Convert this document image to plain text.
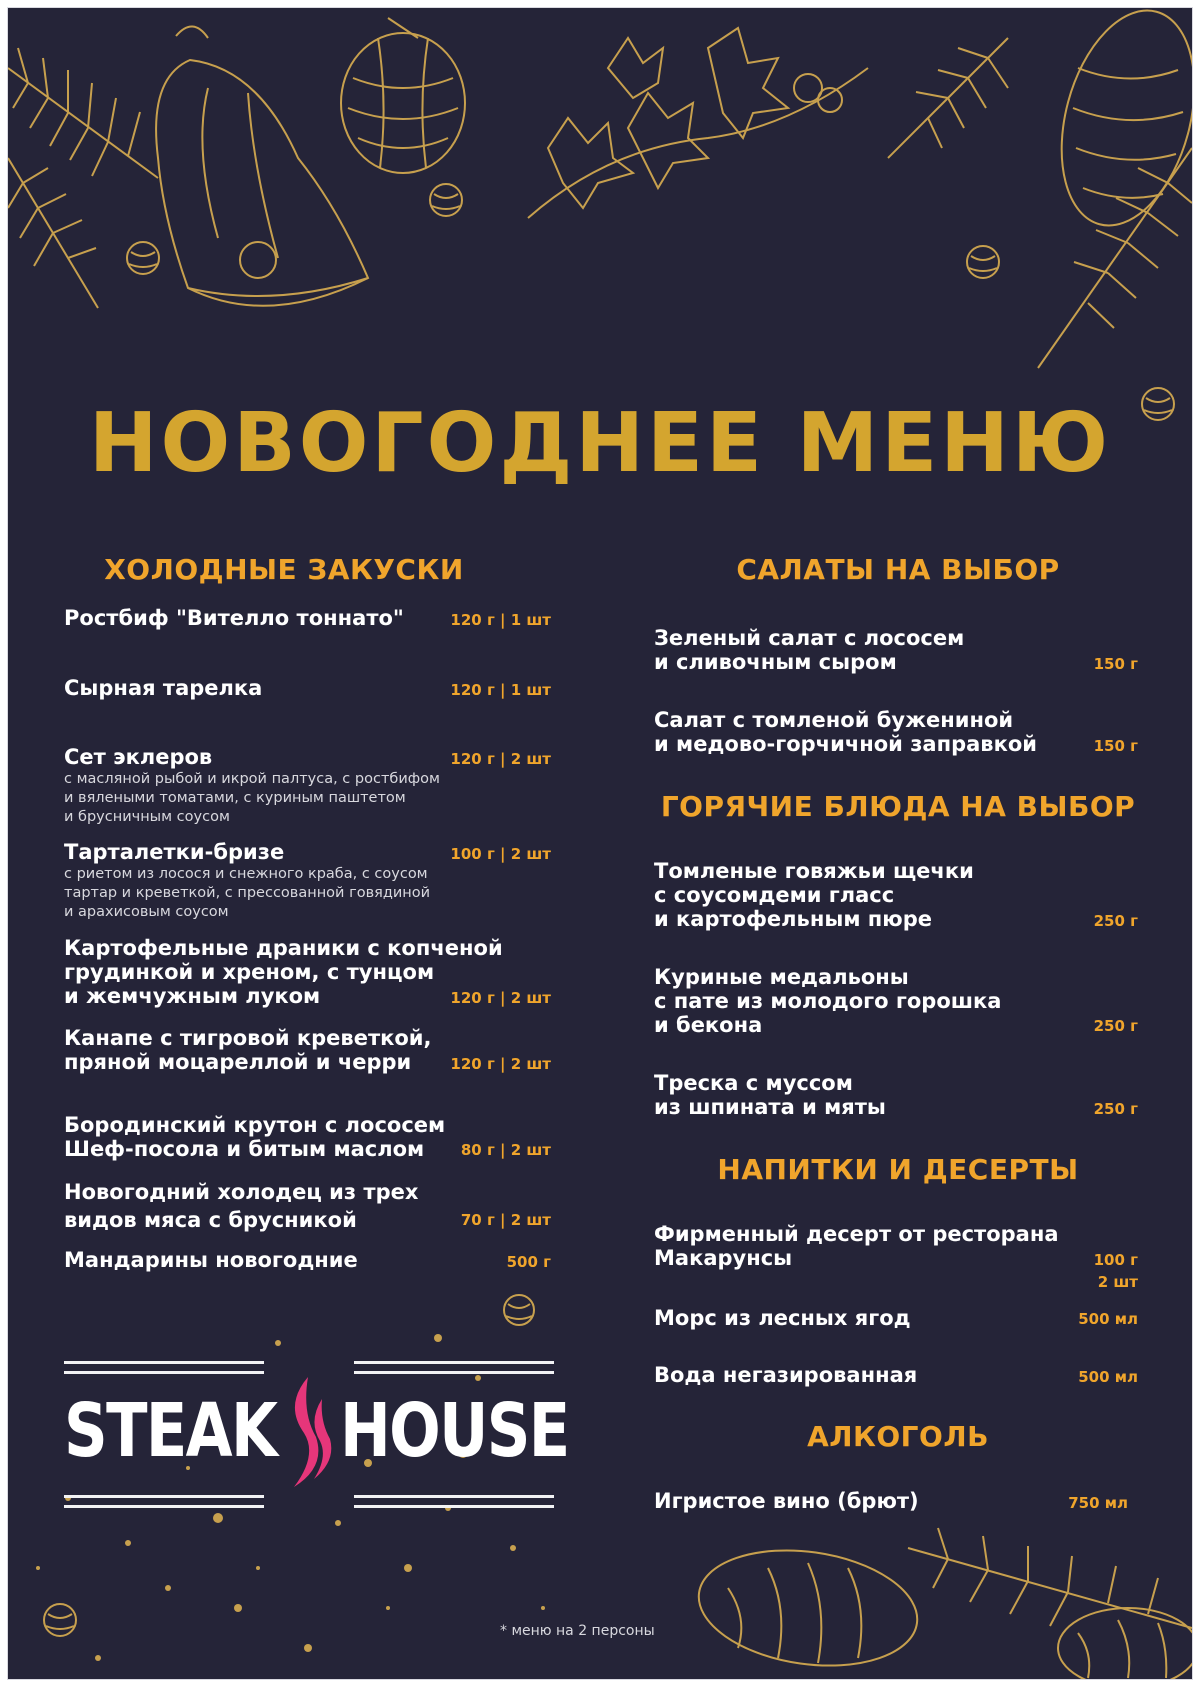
НОВОГОДНЕЕ МЕНЮ
ХОЛОДНЫЕ ЗАКУСКИ
Ростбиф "Вителло тоннато"	120 г | 1 шт
Сырная тарелка	120 г | 1 шт
Сет эклеров	120 г | 2 шт
с масляной рыбой и икрой палтуса, с ростбифом
и вялеными томатами, с куриным паштетом
и брусничным соусом
Тарталетки-бризе	100 г | 2 шт
с риетом из лосося и снежного краба, с соусом
тартар и креветкой, с прессованной говядиной
и арахисовым соусом
Картофельные драники с копченой
грудинкой и хреном, с тунцом
и жемчужным луком	120 г | 2 шт
Канапе с тигровой креветкой,
пряной моцареллой и черри	120 г | 2 шт
Бородинский крутон с лососем
Шеф-посола и битым маслом	80 г | 2 шт
Новогодний холодец из трех
видов мяса с брусникой	70 г | 2 шт
Мандарины новогодние	500 г
САЛАТЫ НА ВЫБОР
Зеленый салат с лососем
и сливочным сыром	150 г
Салат с томленой бужениной
и медово-горчичной заправкой	150 г
ГОРЯЧИЕ БЛЮДА НА ВЫБОР
Томленые говяжьи щечки
с соусомдеми гласс
и картофельным пюре	250 г
Куриные медальоны
с пате из молодого горошка
и бекона	250 г
Треска с муссом
из шпината и мяты	250 г
НАПИТКИ И ДЕСЕРТЫ
Фирменный десерт от ресторана
Макарунсы	100 г
2 шт
Морс из лесных ягод	500 мл
Вода негазированная	500 мл
АЛКОГОЛЬ
Игристое вино (брют)	750 мл
STEAK HOUSE
* меню на 2 персоны
